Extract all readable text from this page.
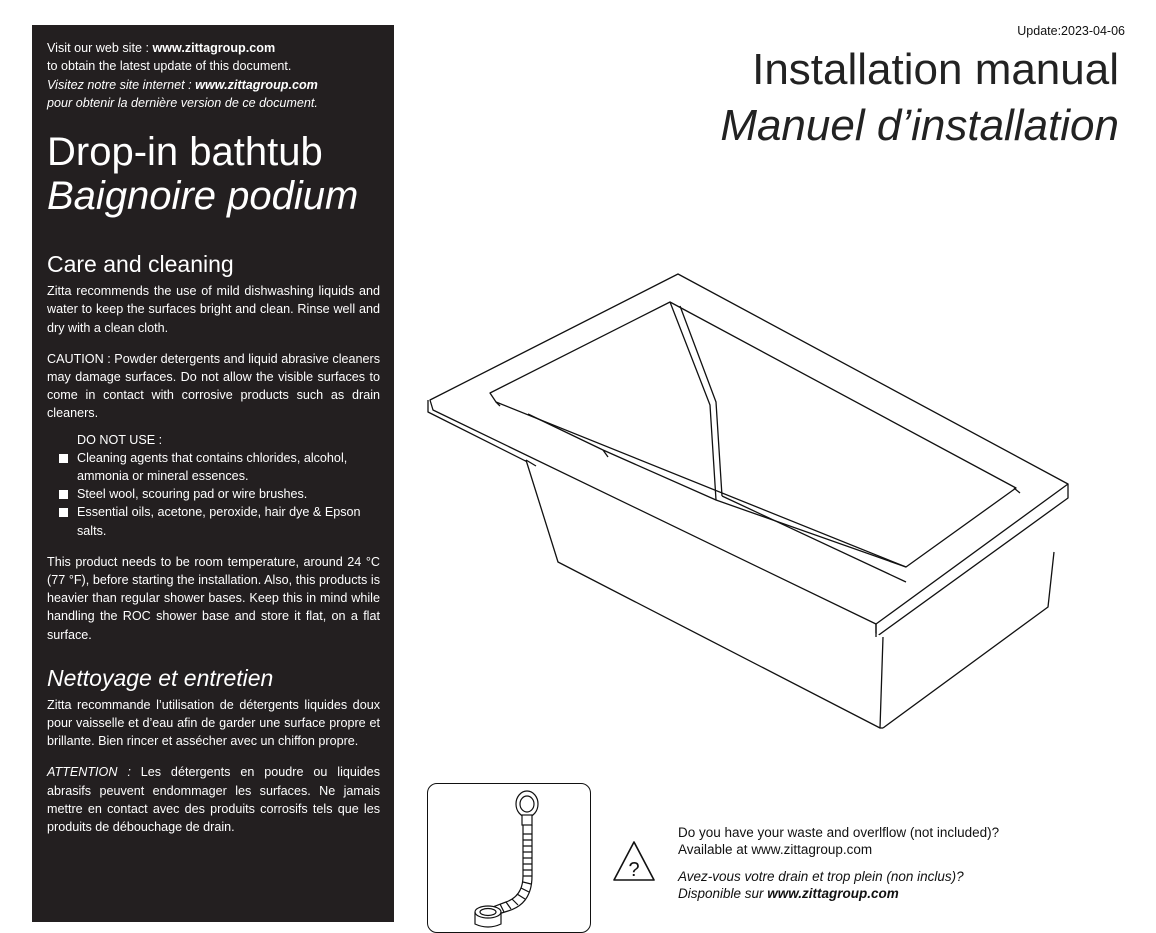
Visit our web site : www.zittagroup.com
to obtain the latest update of this document.
Visitez notre site internet : www.zittagroup.com
pour obtenir la dernière version de ce document.
Drop-in bathtub
Baignoire podium
Care and cleaning

Zitta recommends the use of mild dishwashing liquids and water to keep the surfaces bright and clean. Rinse well and dry with a clean cloth.

CAUTION : Powder detergents and liquid abrasive cleaners may damage surfaces. Do not allow the visible surfaces to come in contact with corrosive products such as drain cleaners.

DO NOT USE :
Cleaning agents that contains chlorides, alcohol, ammonia or mineral essences.
Steel wool, scouring pad or wire brushes.
Essential oils, acetone, peroxide, hair dye & Epson salts.

This product needs to be room temperature, around 24 °C (77 °F), before starting the installation. Also, this products is heavier than regular shower bases. Keep this in mind while handling the ROC shower base and store it flat, on a flat surface.

Nettoyage et entretien

Zitta recommande l’utilisation de détergents liquides doux pour vaisselle et d’eau afin de garder une surface propre et brillante. Bien rincer et assécher avec un chiffon propre.

ATTENTION : Les détergents en poudre ou liquides abrasifs peuvent endommager les surfaces. Ne jamais mettre en contact avec des produits corrosifs tels que les produits de débouchage de drain.

Update:2023-04-06
Installation manual
Manuel d’installation
?
Do you have your waste and overlflow (not included)?
Available at www.zittagroup.com
Avez-vous votre drain et trop plein (non inclus)?
Disponible sur www.zittagroup.com
